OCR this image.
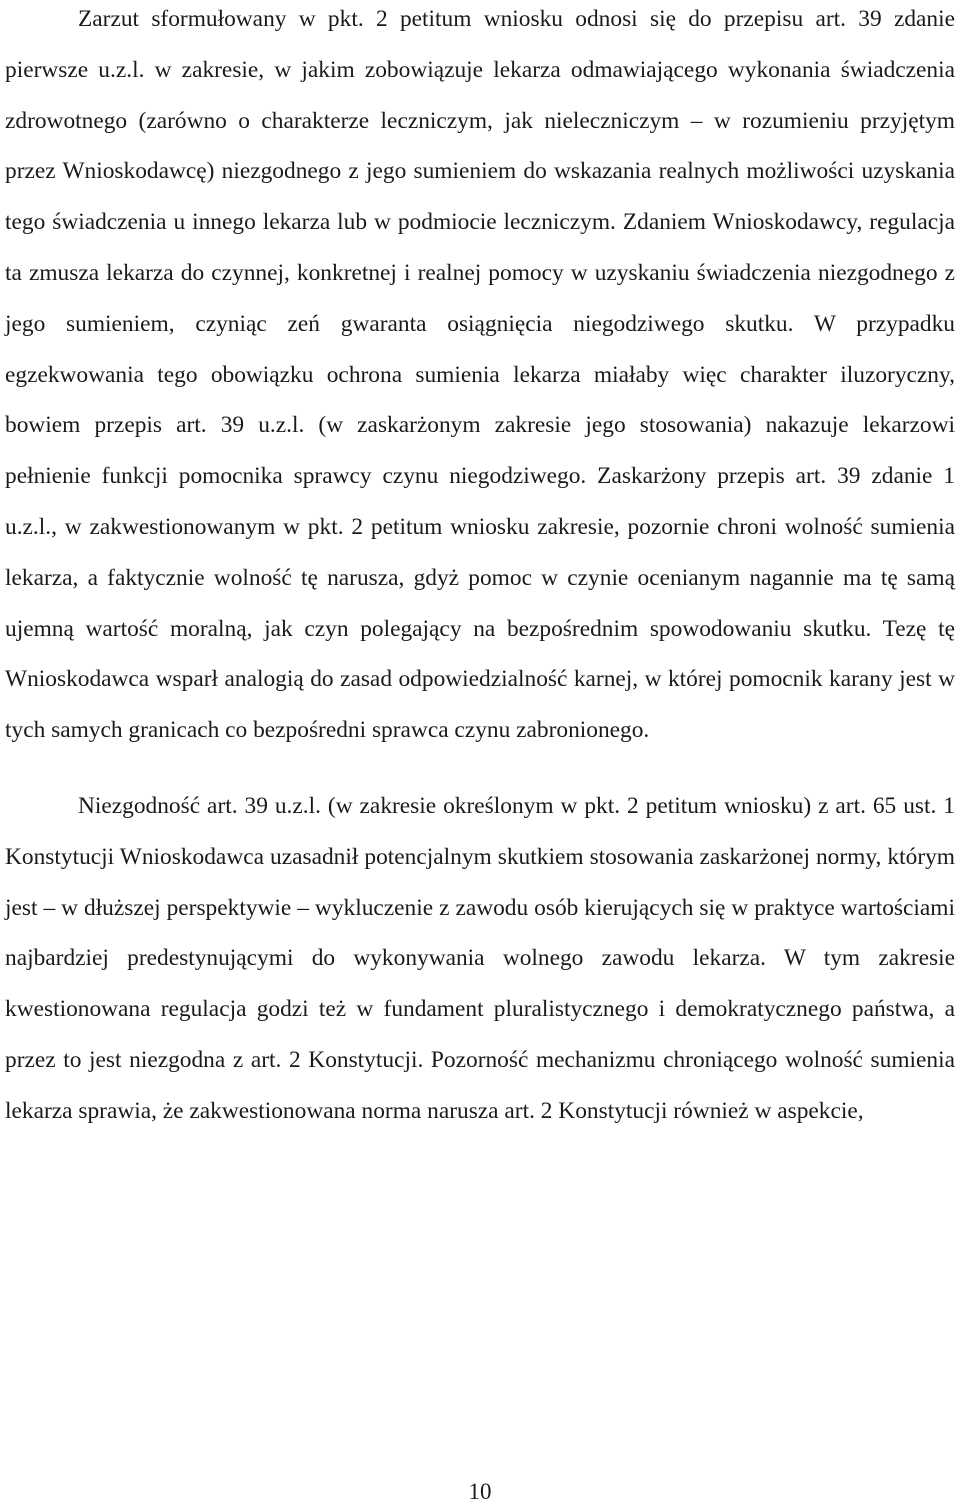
Zarzut sformułowany w pkt. 2 petitum wniosku odnosi się do przepisu art. 39 zdanie pierwsze u.z.l. w zakresie, w jakim zobowiązuje lekarza odmawiającego wykonania świadczenia zdrowotnego (zarówno o charakterze leczniczym, jak nieleczniczym – w rozumieniu przyjętym przez Wnioskodawcę) niezgodnego z jego sumieniem do wskazania realnych możliwości uzyskania tego świadczenia u innego lekarza lub w podmiocie leczniczym. Zdaniem Wnioskodawcy, regulacja ta zmusza lekarza do czynnej, konkretnej i realnej pomocy w uzyskaniu świadczenia niezgodnego z jego sumieniem, czyniąc zeń gwaranta osiągnięcia niegodziwego skutku. W przypadku egzekwowania tego obowiązku ochrona sumienia lekarza miałaby więc charakter iluzoryczny, bowiem przepis art. 39 u.z.l. (w zaskarżonym zakresie jego stosowania) nakazuje lekarzowi pełnienie funkcji pomocnika sprawcy czynu niegodziwego. Zaskarżony przepis art. 39 zdanie 1 u.z.l., w zakwestionowanym w pkt. 2 petitum wniosku zakresie, pozornie chroni wolność sumienia lekarza, a faktycznie wolność tę narusza, gdyż pomoc w czynie ocenianym nagannie ma tę samą ujemną wartość moralną, jak czyn polegający na bezpośrednim spowodowaniu skutku. Tezę tę Wnioskodawca wsparł analogią do zasad odpowiedzialność karnej, w której pomocnik karany jest w tych samych granicach co bezpośredni sprawca czynu zabronionego.

Niezgodność art. 39 u.z.l. (w zakresie określonym w pkt. 2 petitum wniosku) z art. 65 ust. 1 Konstytucji Wnioskodawca uzasadnił potencjalnym skutkiem stosowania zaskarżonej normy, którym jest – w dłuższej perspektywie – wykluczenie z zawodu osób kierujących się w praktyce wartościami najbardziej predestynującymi do wykonywania wolnego zawodu lekarza. W tym zakresie kwestionowana regulacja godzi też w fundament pluralistycznego i demokratycznego państwa, a przez to jest niezgodna z art. 2 Konstytucji. Pozorność mechanizmu chroniącego wolność sumienia lekarza sprawia, że zakwestionowana norma narusza art. 2 Konstytucji również w aspekcie,

10
